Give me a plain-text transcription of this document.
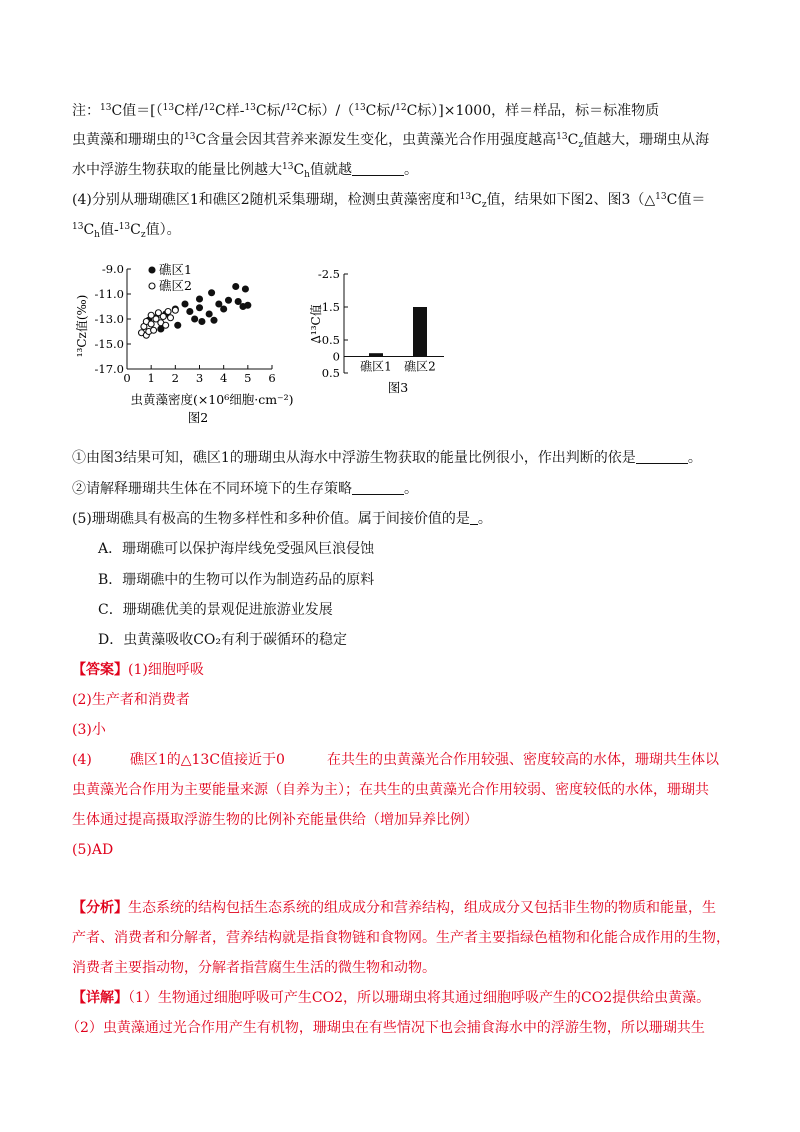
注：$^{13}$C值＝[（$^{13}$C样/$^{12}$C样-$^{13}$C标/$^{12}$C标）/（$^{13}$C标/$^{12}$C标）]×1000，样＝样品，标＝标准物质
虫黄藻和珊瑚虫的$^{13}$C含量会因其营养来源发生变化，虫黄藻光合作用强度越高$^{13}C_z$值越大，珊瑚虫从海
水中浮游生物获取的能量比例越大$^{13}C_h$值就越	。
(4)分别从珊瑚礁区1和礁区2随机采集珊瑚，检测虫黄藻密度和$^{13}C_z$值，结果如下图2、图3（△$^{13}$C值＝
$^{13}C_h$值$-^{13}C_z$值）。
-9.0
-11.0
-13.0
-15.0
-17.0
0 1 2 3 4 5 6
礁区1
礁区2
虫黄藻密度(×10⁶细胞·cm⁻²)
图2
¹³Cz值(‰)
-2.5
-1.5
-0.5
0
0.5 礁区1 礁区2
Δ¹³C值
图3
①由图3结果可知，礁区1的珊瑚虫从海水中浮游生物获取的能量比例很小，作出判断的依是	。
②请解释珊瑚共生体在不同环境下的生存策略	。
(5)珊瑚礁具有极高的生物多样性和多种价值。属于间接价值的是 。
A．珊瑚礁可以保护海岸线免受强风巨浪侵蚀
B．珊瑚礁中的生物可以作为制造药品的原料
C．珊瑚礁优美的景观促进旅游业发展
D．虫黄藻吸收CO₂有利于碳循环的稳定
【答案】(1)细胞呼吸
(2)生产者和消费者
(3)小
(4)	礁区1的△13C值接近于0	在共生的虫黄藻光合作用较强、密度较高的水体，珊瑚共生体以
虫黄藻光合作用为主要能量来源（自养为主）；在共生的虫黄藻光合作用较弱、密度较低的水体，珊瑚共
生体通过提高摄取浮游生物的比例补充能量供给（增加异养比例）
(5)AD
【分析】生态系统的结构包括生态系统的组成成分和营养结构，组成成分又包括非生物的物质和能量，生
产者、消费者和分解者，营养结构就是指食物链和食物网。生产者主要指绿色植物和化能合成作用的生物，
消费者主要指动物，分解者指营腐生生活的微生物和动物。
【详解】（1）生物通过细胞呼吸可产生CO2，所以珊瑚虫将其通过细胞呼吸产生的CO2提供给虫黄藻。
（2）虫黄藻通过光合作用产生有机物，珊瑚虫在有些情况下也会捕食海水中的浮游生物，所以珊瑚共生
